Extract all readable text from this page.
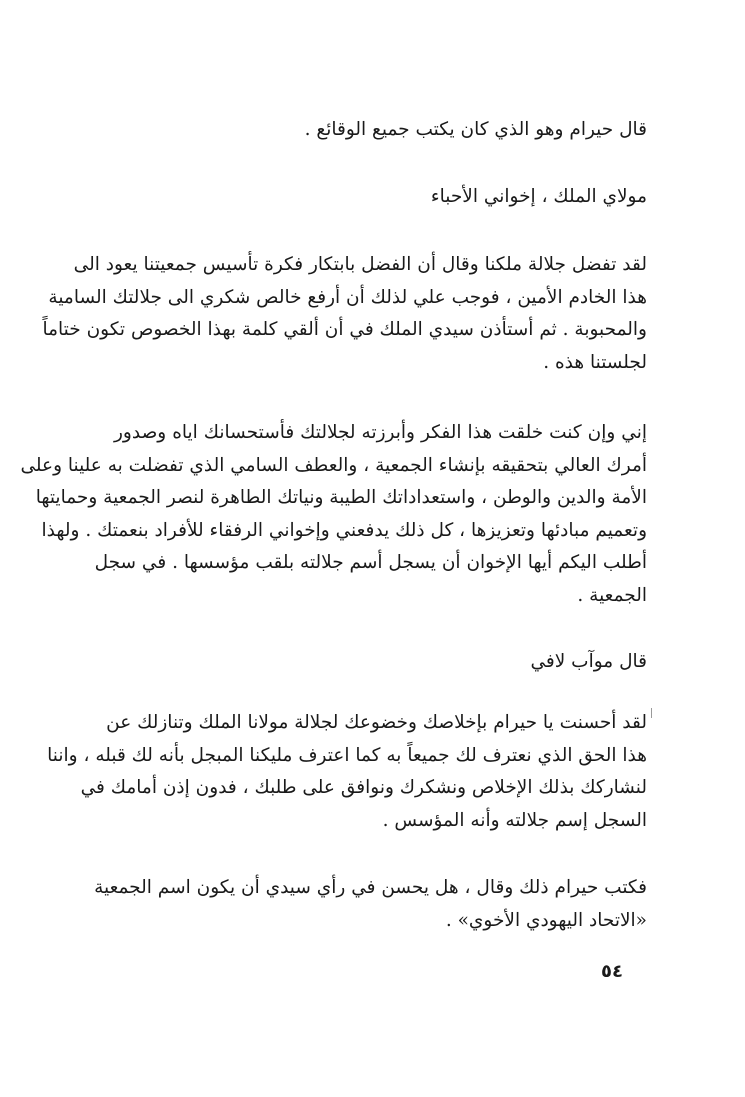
قال حيرام وهو الذي كان يكتب جميع الوقائع .
مولاي الملك ، إخواني الأحباء
لقد تفضل جلالة ملكنا وقال أن الفضل بابتكار فكرة تأسيس جمعيتنا يعود الى
هذا الخادم الأمين ، فوجب علي لذلك أن أرفع خالص شكري الى جلالتك السامية
والمحبوبة . ثم أستأذن سيدي الملك في أن ألقي كلمة بهذا الخصوص تكون ختاماً
لجلستنا هذه .
إني وإن كنت خلقت هذا الفكر وأبرزته لجلالتك فأستحسانك اياه وصدور
أمرك العالي بتحقيقه بإنشاء الجمعية ، والعطف السامي الذي تفضلت به علينا وعلى
الأمة والدين والوطن ، واستعداداتك الطيبة ونياتك الطاهرة لنصر الجمعية وحمايتها
وتعميم مبادئها وتعزيزها ، كل ذلك يدفعني وإخواني الرفقاء للأفراد بنعمتك . ولهذا
أطلب اليكم أيها الإخوان أن يسجل أسم جلالته بلقب مؤسسها . في سجل
الجمعية .
قال موآب لافي
لقد أحسنت يا حيرام بإخلاصك وخضوعك لجلالة مولانا الملك وتنازلك عن
هذا الحق الذي نعترف لك جميعاً به كما اعترف مليكنا المبجل بأنه لك قبله ، واننا
لنشاركك بذلك الإخلاص ونشكرك ونوافق على طلبك ، فدون إذن أمامك في
السجل إسم جلالته وأنه المؤسس .
فكتب حيرام ذلك وقال ، هل يحسن في رأي سيدي أن يكون اسم الجمعية
«الاتحاد اليهودي الأخوي» .
٥٤
